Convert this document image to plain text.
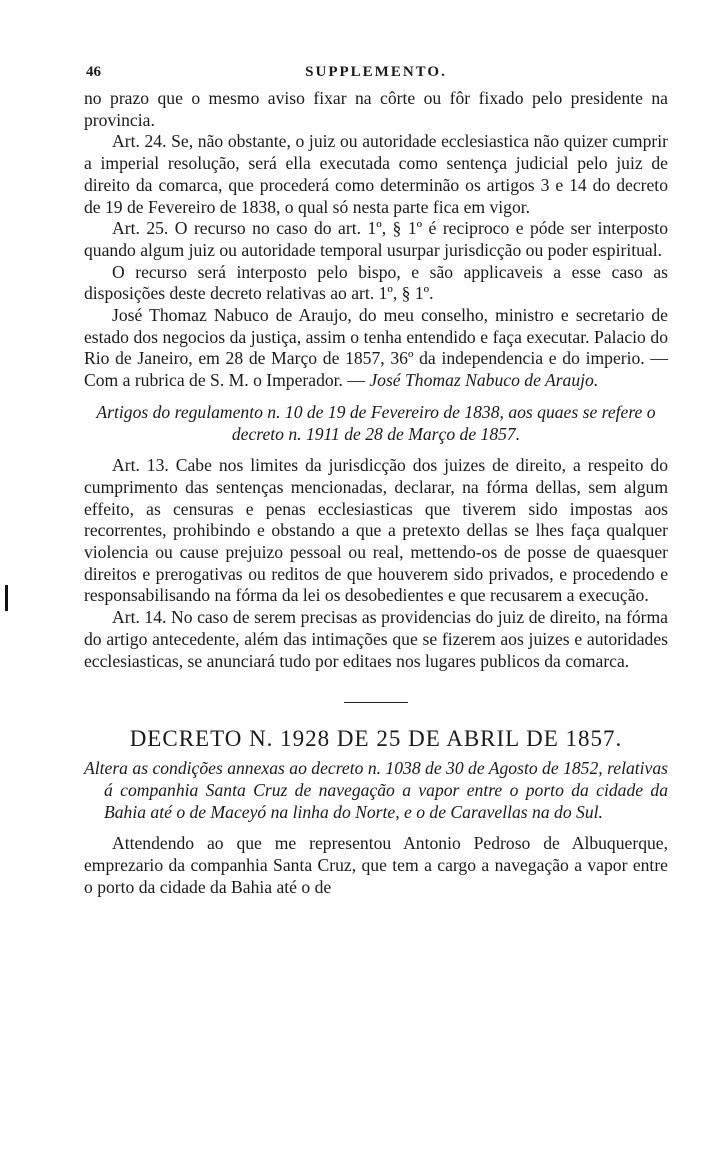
46	SUPPLEMENTO.

no prazo que o mesmo aviso fixar na côrte ou fôr fixado pelo presidente na provincia.

Art. 24. Se, não obstante, o juiz ou autoridade ecclesiastica não quizer cumprir a imperial resolução, será ella executada como sentença judicial pelo juiz de direito da comarca, que procederá como determinão os artigos 3 e 14 do decreto de 19 de Fevereiro de 1838, o qual só nesta parte fica em vigor.

Art. 25. O recurso no caso do art. 1º, § 1º é reciproco e póde ser interposto quando algum juiz ou autoridade temporal usurpar jurisdicção ou poder espiritual.

O recurso será interposto pelo bispo, e são applicaveis a esse caso as disposições deste decreto relativas ao art. 1º, § 1º.

José Thomaz Nabuco de Araujo, do meu conselho, ministro e secretario de estado dos negocios da justiça, assim o tenha entendido e faça executar. Palacio do Rio de Janeiro, em 28 de Março de 1857, 36º da independencia e do imperio. — Com a rubrica de S. M. o Imperador. — José Thomaz Nabuco de Araujo.

Artigos do regulamento n. 10 de 19 de Fevereiro de 1838, aos quaes se refere o decreto n. 1911 de 28 de Março de 1857.

Art. 13. Cabe nos limites da jurisdicção dos juizes de direito, a respeito do cumprimento das sentenças mencionadas, declarar, na fórma dellas, sem algum effeito, as censuras e penas ecclesiasticas que tiverem sido impostas aos recorrentes, prohibindo e obstando a que a pretexto dellas se lhes faça qualquer violencia ou cause prejuizo pessoal ou real, mettendo-os de posse de quaesquer direitos e prerogativas ou reditos de que houverem sido privados, e procedendo e responsabilisando na fórma da lei os desobedientes e que recusarem a execução.

Art. 14. No caso de serem precisas as providencias do juiz de direito, na fórma do artigo antecedente, além das intimações que se fizerem aos juizes e autoridades ecclesiasticas, se anunciará tudo por editaes nos lugares publicos da comarca.

DECRETO N. 1928 DE 25 DE ABRIL DE 1857.
Altera as condições annexas ao decreto n. 1038 de 30 de Agosto de 1852, relativas á companhia Santa Cruz de navegação a vapor entre o porto da cidade da Bahia até o de Maceyó na linha do Norte, e o de Caravellas na do Sul.

Attendendo ao que me representou Antonio Pedroso de Albuquerque, emprezario da companhia Santa Cruz, que tem a cargo a navegação a vapor entre o porto da cidade da Bahia até o de
